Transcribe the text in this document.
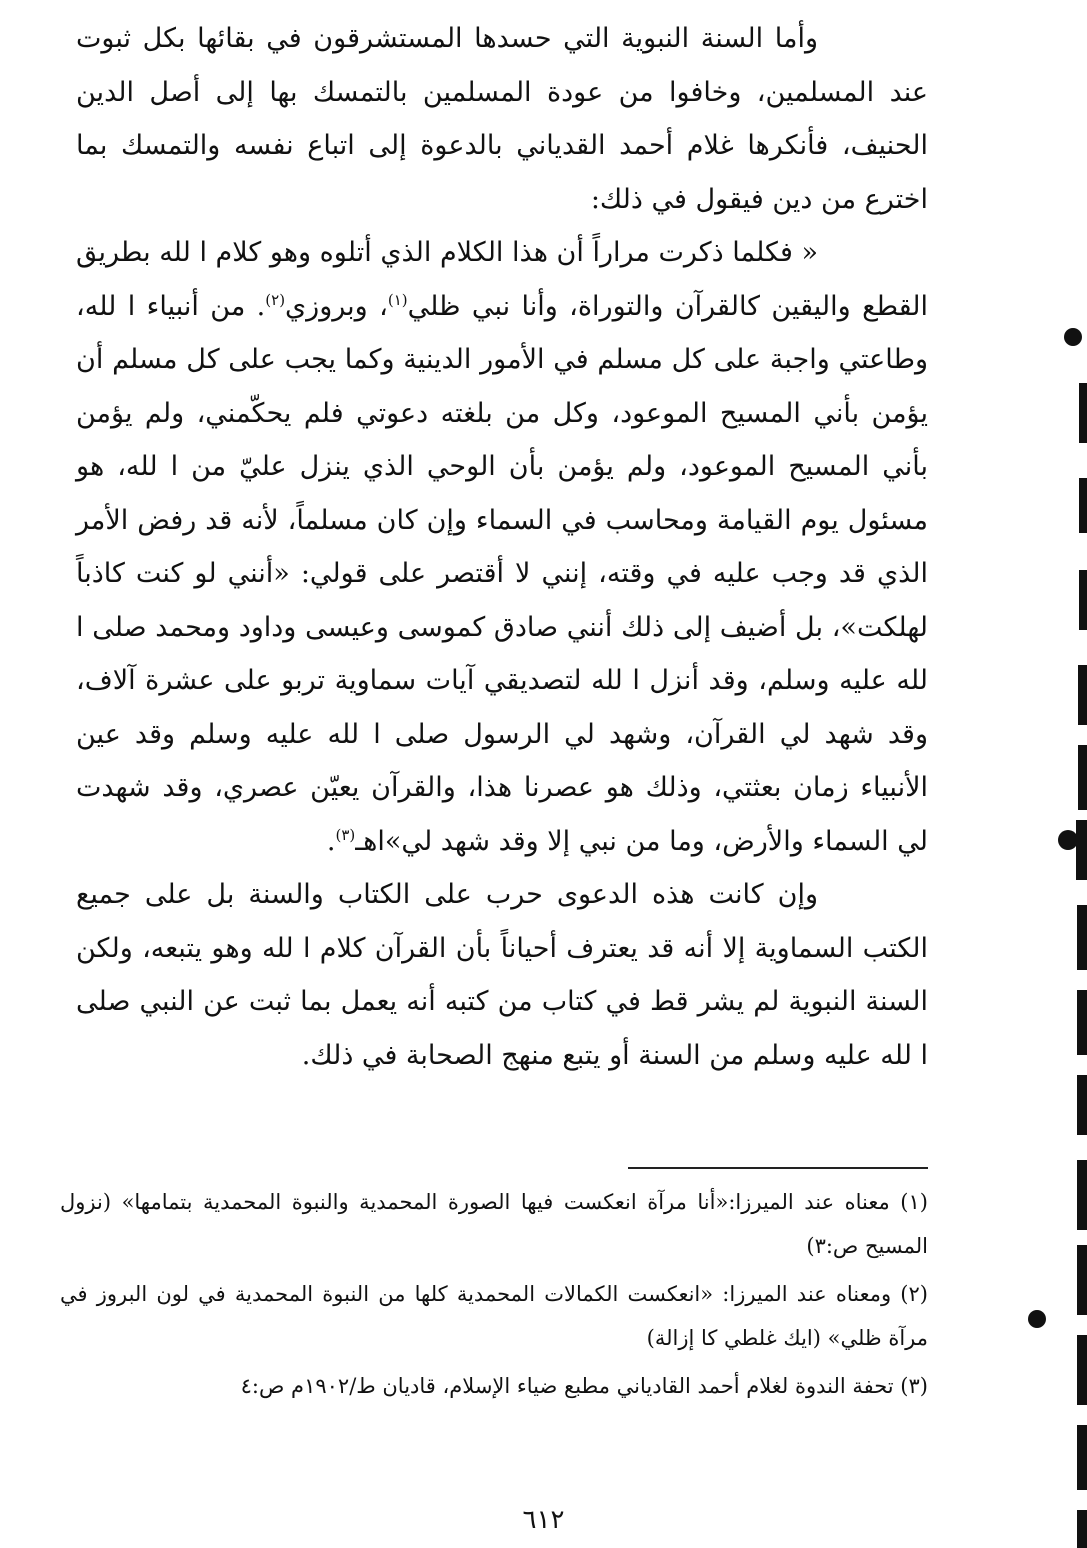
وأما السنة النبوية التي حسدها المستشرقون في بقائها بكل ثبوت عند المسلمين، وخافوا من عودة المسلمين بالتمسك بها إلى أصل الدين الحنيف، فأنكرها غلام أحمد القدياني بالدعوة إلى اتباع نفسه والتمسك بما اخترع من دين فيقول في ذلك:

« فكلما ذكرت مراراً أن هذا الكلام الذي أتلوه وهو كلام ا لله بطريق القطع واليقين كالقرآن والتوراة، وأنا نبي ظلي$^{(١)}$، وبروزي$^{(٢)}$. من أنبياء ا لله، وطاعتي واجبة على كل مسلم في الأمور الدينية وكما يجب على كل مسلم أن يؤمن بأني المسيح الموعود، وكل من بلغته دعوتي فلم يحكّمني، ولم يؤمن بأني المسيح الموعود، ولم يؤمن بأن الوحي الذي ينزل عليّ من ا لله، هو مسئول يوم القيامة ومحاسب في السماء وإن كان مسلماً، لأنه قد رفض الأمر الذي قد وجب عليه في وقته، إنني لا أقتصر على قولي: «أنني لو كنت كاذباً لهلكت»، بل أضيف إلى ذلك أنني صادق كموسى وعيسى وداود ومحمد صلى ا لله عليه وسلم، وقد أنزل ا لله لتصديقي آيات سماوية تربو على عشرة آلاف، وقد شهد لي القرآن، وشهد لي الرسول صلى ا لله عليه وسلم وقد عين الأنبياء زمان بعثتي، وذلك هو عصرنا هذا، والقرآن يعيّن عصري، وقد شهدت لي السماء والأرض، وما من نبي إلا وقد شهد لي»اهـ$^{(٣)}$.

وإن كانت هذه الدعوى حرب على الكتاب والسنة بل على جميع الكتب السماوية إلا أنه قد يعترف أحياناً بأن القرآن كلام ا لله وهو يتبعه، ولكن السنة النبوية لم يشر قط في كتاب من كتبه أنه يعمل بما ثبت عن النبي صلى ا لله عليه وسلم من السنة أو يتبع منهج الصحابة في ذلك.

(١) معناه عند الميرزا:«أنا مرآة انعكست فيها الصورة المحمدية والنبوة المحمدية بتمامها» (نزول المسيح ص:٣)

(٢) ومعناه عند الميرزا: «انعكست الكمالات المحمدية كلها من النبوة المحمدية في لون البروز في مرآة ظلي» (ايك غلطي كا إزالة)

(٣) تحفة الندوة لغلام أحمد القادياني مطبع ضياء الإسلام، قاديان ط/١٩٠٢م ص:٤

٦١٢
